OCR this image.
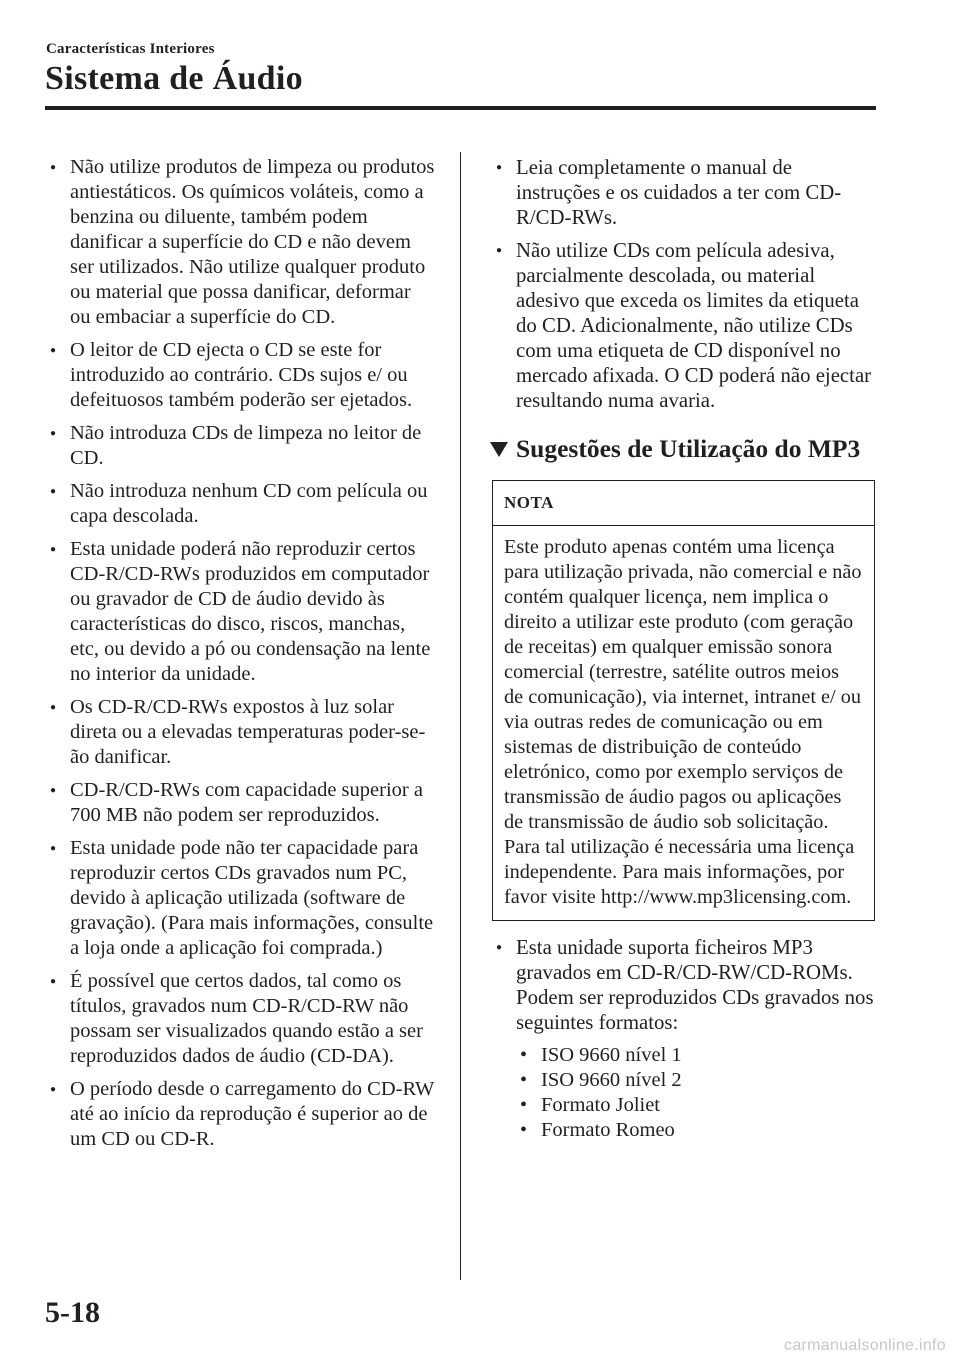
Características Interiores
Sistema de Áudio
● Não utilize produtos de limpeza ou produtos antiestáticos. Os químicos voláteis, como a benzina ou diluente, também podem danificar a superfície do CD e não devem ser utilizados. Não utilize qualquer produto ou material que possa danificar, deformar ou embaciar a superfície do CD.
● O leitor de CD ejecta o CD se este for introduzido ao contrário. CDs sujos e/ ou defeituosos também poderão ser ejetados.
● Não introduza CDs de limpeza no leitor de CD.
● Não introduza nenhum CD com película ou capa descolada.
● Esta unidade poderá não reproduzir certos CD-R/CD-RWs produzidos em computador ou gravador de CD de áudio devido às características do disco, riscos, manchas, etc, ou devido a pó ou condensação na lente no interior da unidade.
● Os CD-R/CD-RWs expostos à luz solar direta ou a elevadas temperaturas poder-se-ão danificar.
● CD-R/CD-RWs com capacidade superior a 700 MB não podem ser reproduzidos.
● Esta unidade pode não ter capacidade para reproduzir certos CDs gravados num PC, devido à aplicação utilizada (software de gravação). (Para mais informações, consulte a loja onde a aplicação foi comprada.)
● É possível que certos dados, tal como os títulos, gravados num CD-R/CD-RW não possam ser visualizados quando estão a ser reproduzidos dados de áudio (CD-DA).
● O período desde o carregamento do CD-RW até ao início da reprodução é superior ao de um CD ou CD-R.
● Leia completamente o manual de instruções e os cuidados a ter com CD-R/CD-RWs.
● Não utilize CDs com película adesiva, parcialmente descolada, ou material adesivo que exceda os limites da etiqueta do CD. Adicionalmente, não utilize CDs com uma etiqueta de CD disponível no mercado afixada. O CD poderá não ejectar resultando numa avaria.
Sugestões de Utilização do MP3
NOTA
Este produto apenas contém uma licença para utilização privada, não comercial e não contém qualquer licença, nem implica o direito a utilizar este produto (com geração de receitas) em qualquer emissão sonora comercial (terrestre, satélite outros meios de comunicação), via internet, intranet e/ ou via outras redes de comunicação ou em sistemas de distribuição de conteúdo eletrónico, como por exemplo serviços de transmissão de áudio pagos ou aplicações de transmissão de áudio sob solicitação. Para tal utilização é necessária uma licença independente. Para mais informações, por favor visite http://www.mp3licensing.com.
● Esta unidade suporta ficheiros MP3 gravados em CD-R/CD-RW/CD-ROMs. Podem ser reproduzidos CDs gravados nos seguintes formatos:
• ISO 9660 nível 1
• ISO 9660 nível 2
• Formato Joliet
• Formato Romeo
5-18
carmanualsonline.info
